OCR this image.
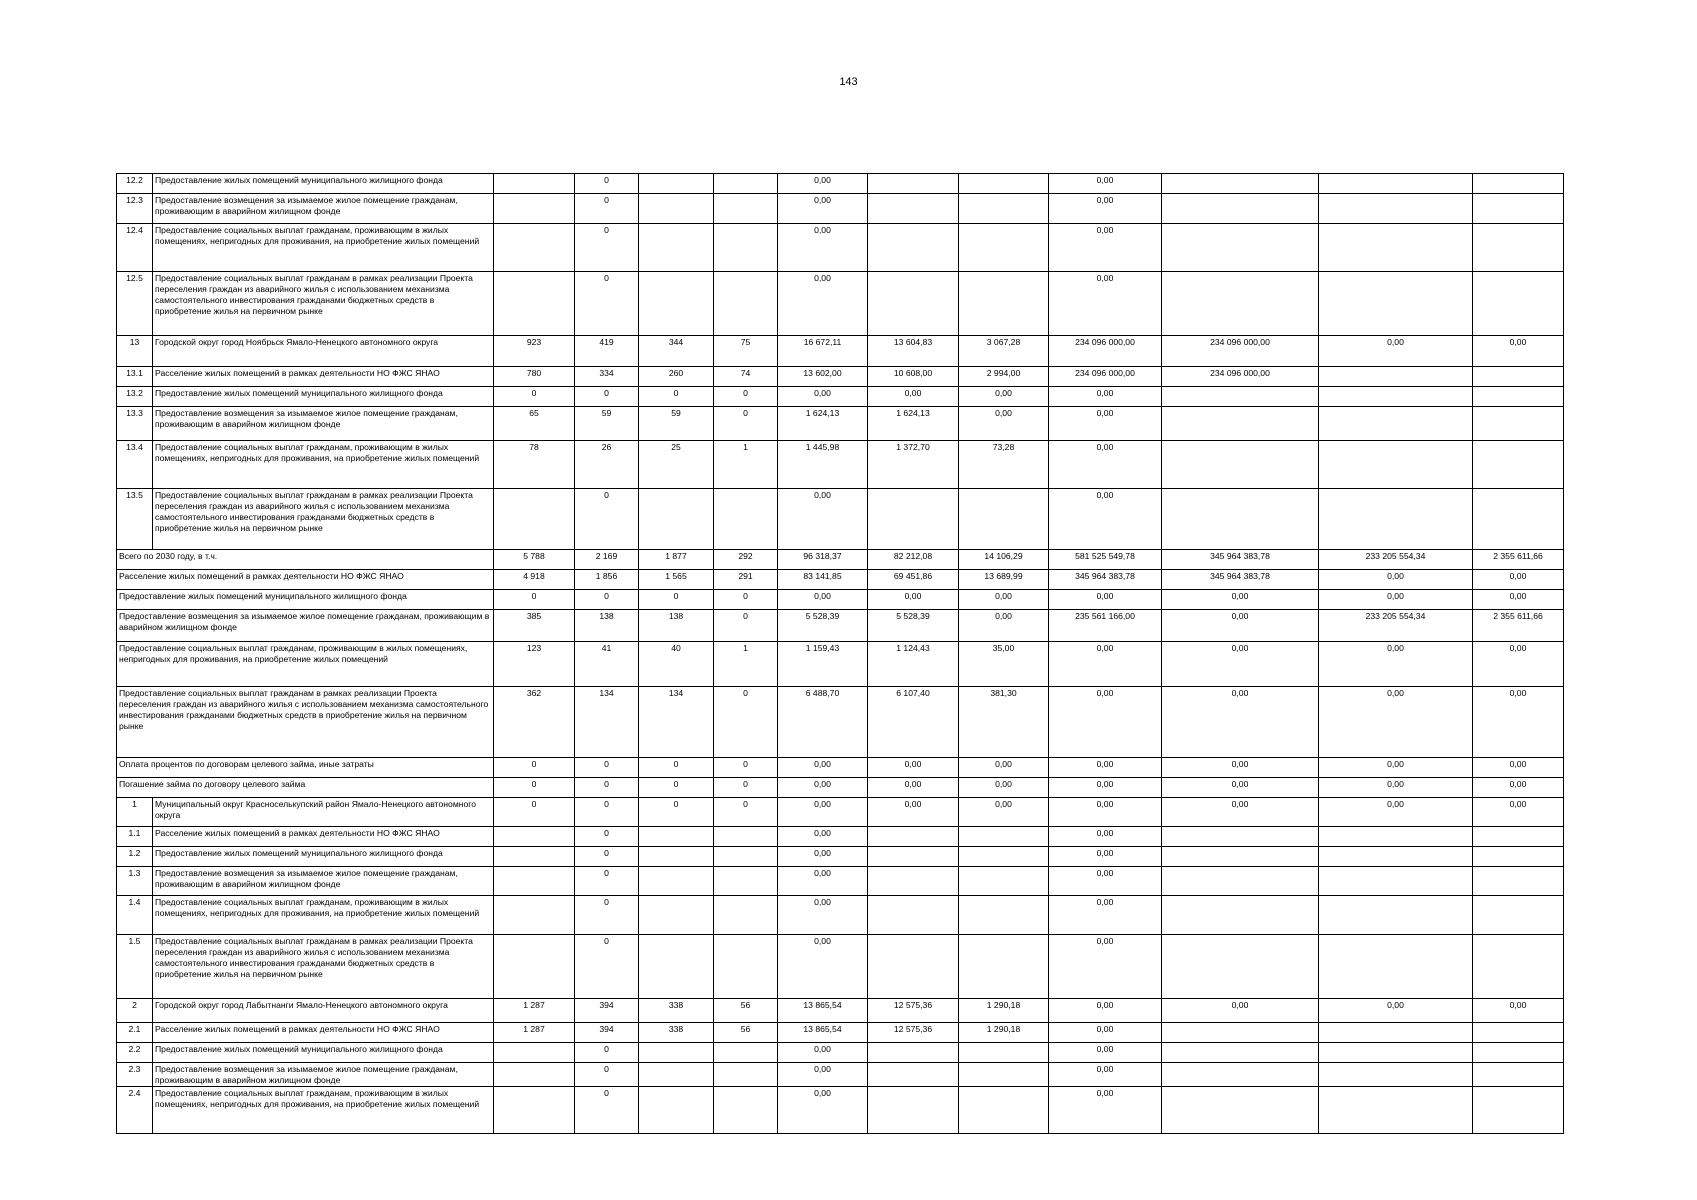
143
12.2	Предоставление жилых помещений муниципального жилищного фонда		0			0,00			0,00			
12.3	Предоставление возмещения за изымаемое жилое помещение гражданам, проживающим в аварийном жилищном фонде		0			0,00			0,00			
12.4	Предоставление социальных выплат гражданам, проживающим в жилых помещениях, непригодных для проживания, на приобретение жилых помещений		0			0,00			0,00			
12.5	Предоставление социальных выплат гражданам в рамках реализации Проекта переселения граждан из аварийного жилья с использованием механизма самостоятельного инвестирования гражданами бюджетных средств в приобретение жилья на первичном рынке		0			0,00			0,00			
13	Городской округ город Ноябрьск Ямало-Ненецкого автономного округа	923	419	344	75	16 672,11	13 604,83	3 067,28	234 096 000,00	234 096 000,00	0,00	0,00
13.1	Расселение жилых помещений в рамках деятельности НО ФЖС ЯНАО	780	334	260	74	13 602,00	10 608,00	2 994,00	234 096 000,00	234 096 000,00		
13.2	Предоставление жилых помещений муниципального жилищного фонда	0	0	0	0	0,00	0,00	0,00	0,00			
13.3	Предоставление возмещения за изымаемое жилое помещение гражданам, проживающим в аварийном жилищном фонде	65	59	59	0	1 624,13	1 624,13	0,00	0,00			
13.4	Предоставление социальных выплат гражданам, проживающим в жилых помещениях, непригодных для проживания, на приобретение жилых помещений	78	26	25	1	1 445,98	1 372,70	73,28	0,00			
13.5	Предоставление социальных выплат гражданам в рамках реализации Проекта переселения граждан из аварийного жилья с использованием механизма самостоятельного инвестирования гражданами бюджетных средств в приобретение жилья на первичном рынке		0			0,00			0,00			
Всего по 2030 году, в т.ч.		5 788	2 169	1 877	292	96 318,37	82 212,08	14 106,29	581 525 549,78	345 964 383,78	233 205 554,34	2 355 611,66
Расселение жилых помещений в рамках деятельности НО ФЖС ЯНАО		4 918	1 856	1 565	291	83 141,85	69 451,86	13 689,99	345 964 383,78	345 964 383,78	0,00	0,00
Предоставление жилых помещений муниципального жилищного фонда		0	0	0	0	0,00	0,00	0,00	0,00	0,00	0,00	0,00
Предоставление возмещения за изымаемое жилое помещение гражданам, проживающим в аварийном жилищном фонде		385	138	138	0	5 528,39	5 528,39	0,00	235 561 166,00	0,00	233 205 554,34	2 355 611,66
Предоставление социальных выплат гражданам, проживающим в жилых помещениях, непригодных для проживания, на приобретение жилых помещений		123	41	40	1	1 159,43	1 124,43	35,00	0,00	0,00	0,00	0,00
Предоставление социальных выплат гражданам в рамках реализации Проекта переселения граждан из аварийного жилья с использованием механизма самостоятельного инвестирования гражданами бюджетных средств в приобретение жилья на первичном рынке		362	134	134	0	6 488,70	6 107,40	381,30	0,00	0,00	0,00	0,00
Оплата процентов по договорам целевого займа, иные затраты		0	0	0	0	0,00	0,00	0,00	0,00	0,00	0,00	0,00
Погашение займа по договору целевого займа		0	0	0	0	0,00	0,00	0,00	0,00	0,00	0,00	0,00
1	Муниципальный округ Красноселькупский район Ямало-Ненецкого автономного округа	0	0	0	0	0,00	0,00	0,00	0,00	0,00	0,00	0,00
1.1	Расселение жилых помещений в рамках деятельности НО ФЖС ЯНАО		0			0,00			0,00			
1.2	Предоставление жилых помещений муниципального жилищного фонда		0			0,00			0,00			
1.3	Предоставление возмещения за изымаемое жилое помещение гражданам, проживающим в аварийном жилищном фонде		0			0,00			0,00			
1.4	Предоставление социальных выплат гражданам, проживающим в жилых помещениях, непригодных для проживания, на приобретение жилых помещений		0			0,00			0,00			
1.5	Предоставление социальных выплат гражданам в рамках реализации Проекта переселения граждан из аварийного жилья с использованием механизма самостоятельного инвестирования гражданами бюджетных средств в приобретение жилья на первичном рынке		0			0,00			0,00			
2	Городской округ город Лабытнанги Ямало-Ненецкого автономного округа	1 287	394	338	56	13 865,54	12 575,36	1 290,18	0,00	0,00	0,00	0,00
2.1	Расселение жилых помещений в рамках деятельности НО ФЖС ЯНАО	1 287	394	338	56	13 865,54	12 575,36	1 290,18	0,00			
2.2	Предоставление жилых помещений муниципального жилищного фонда		0			0,00			0,00			
2.3	Предоставление возмещения за изымаемое жилое помещение гражданам, проживающим в аварийном жилищном фонде		0			0,00			0,00			
2.4	Предоставление социальных выплат гражданам, проживающим в жилых помещениях, непригодных для проживания, на приобретение жилых помещений		0			0,00			0,00			
